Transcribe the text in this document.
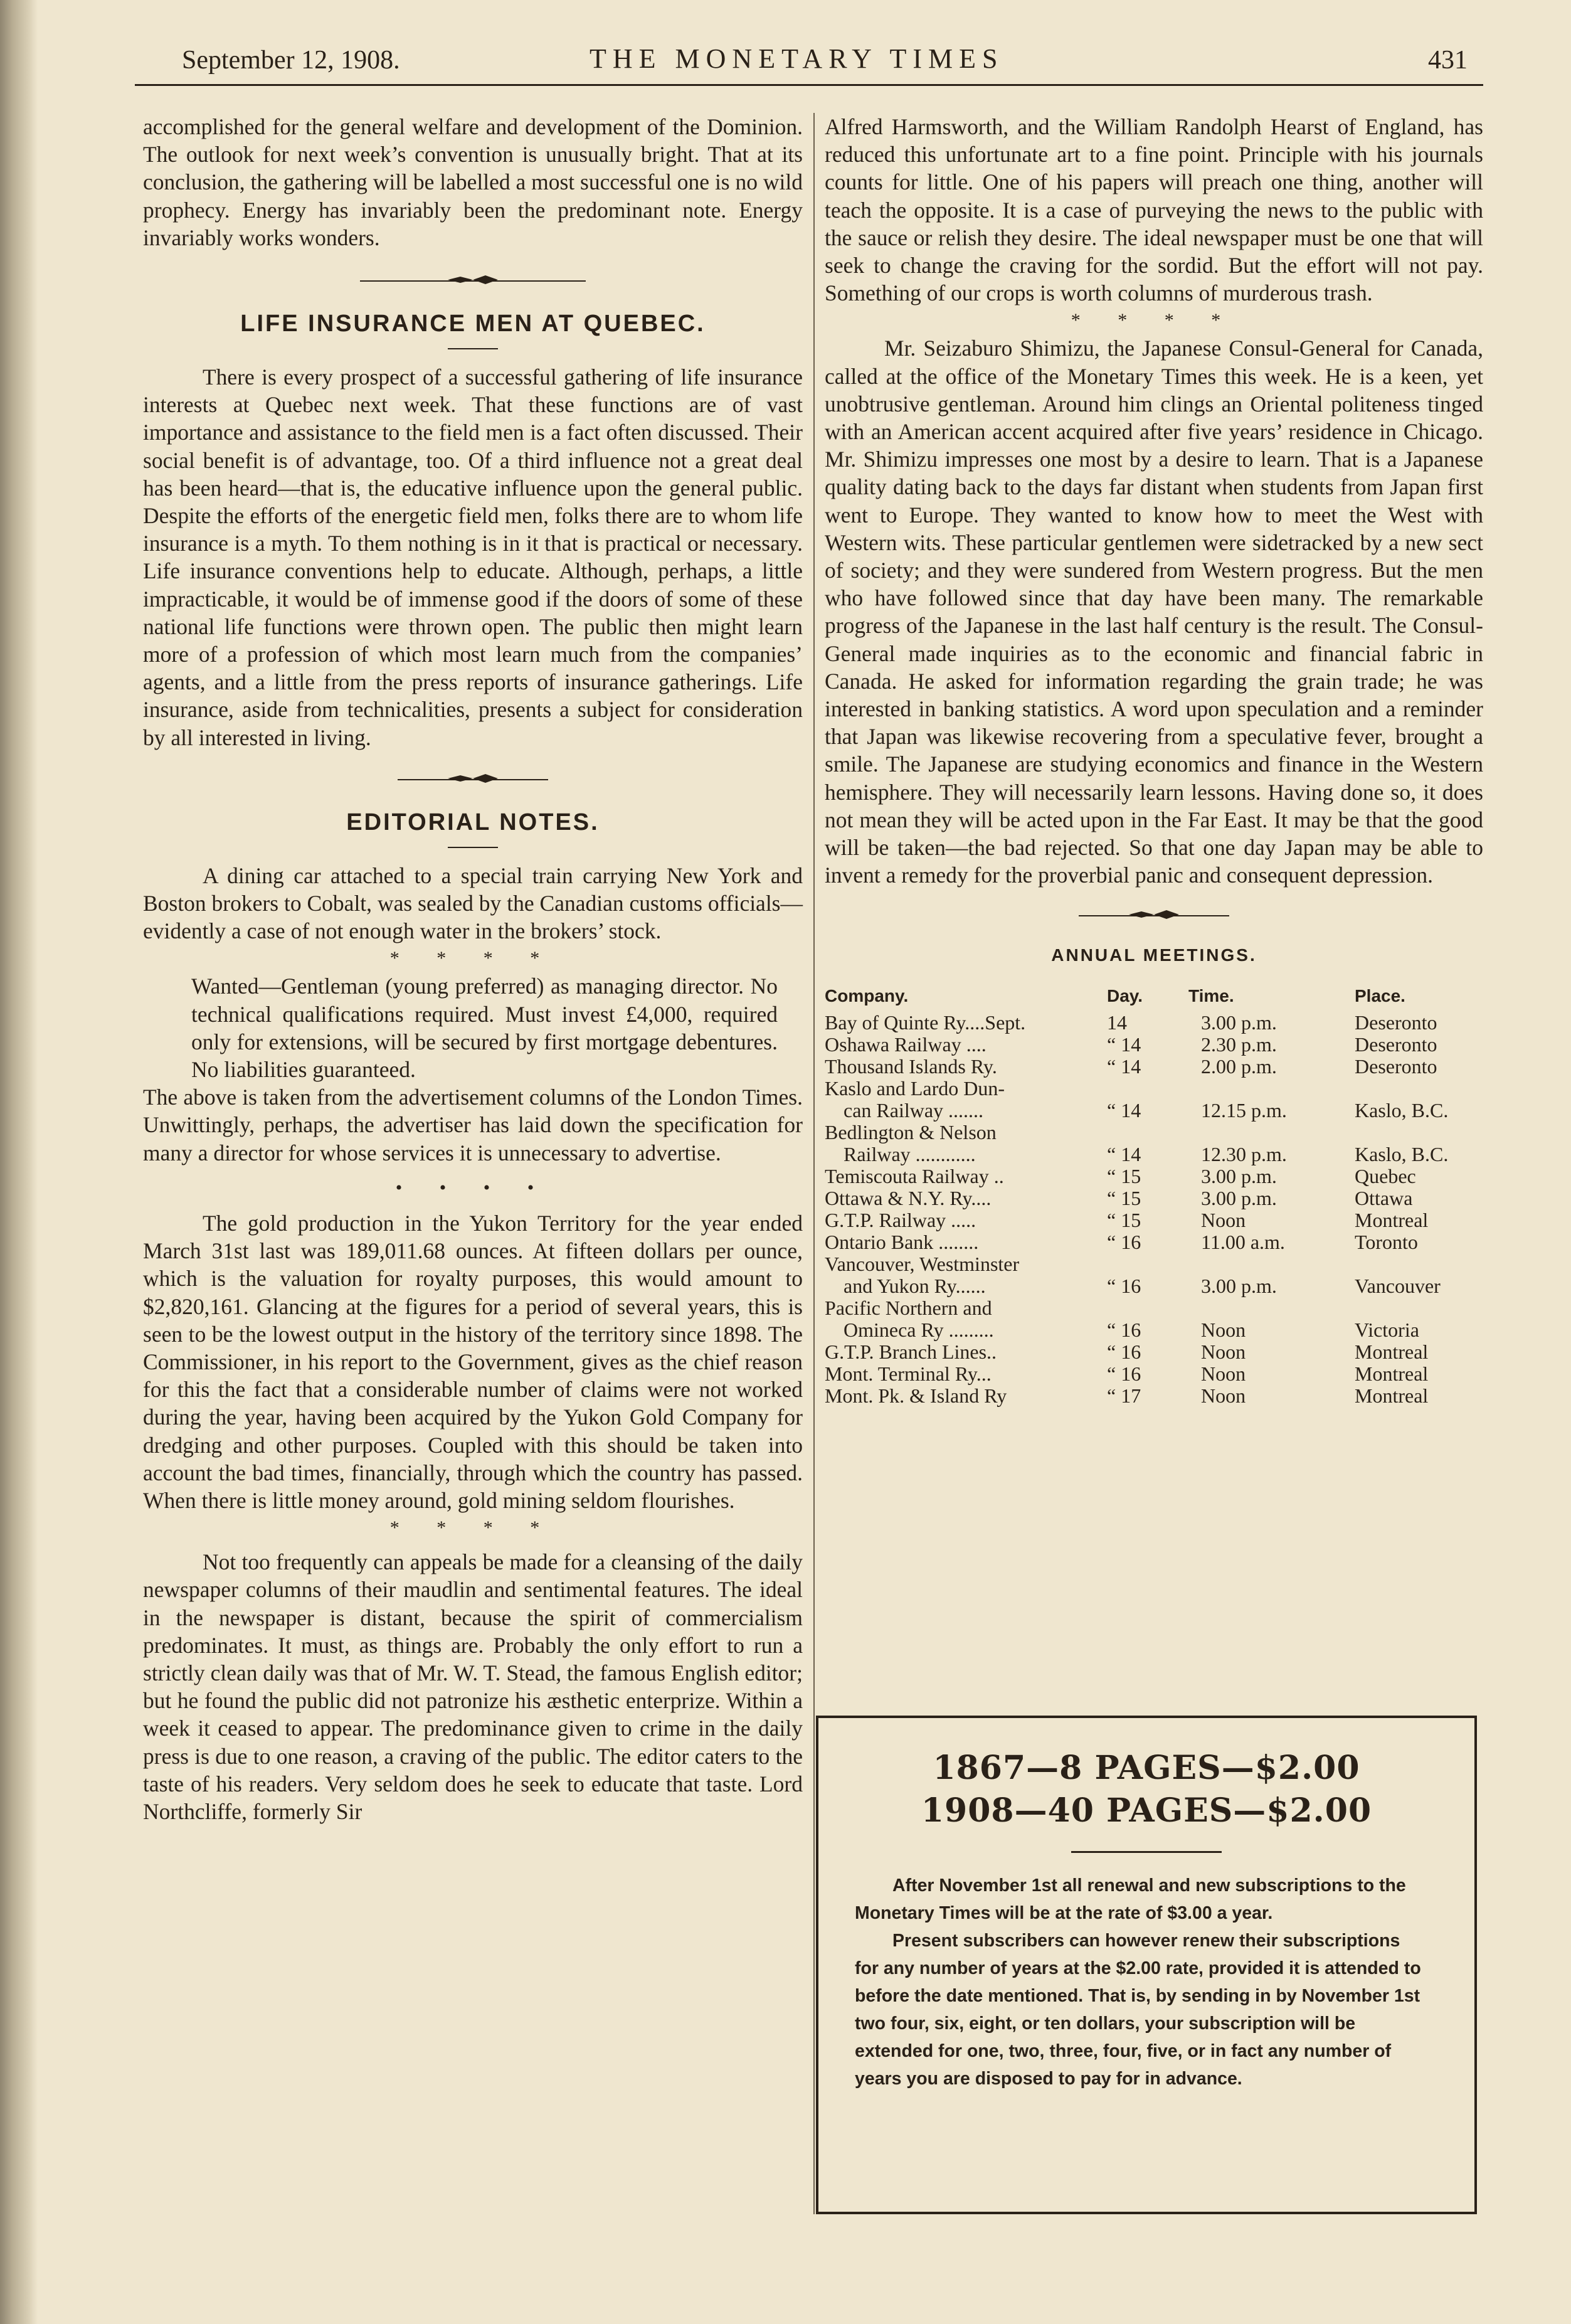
September 12, 1908.	THE MONETARY TIMES	431

accomplished for the general welfare and development of the Dominion. The outlook for next week’s convention is unusually bright. That at its conclusion, the gathering will be labelled a most successful one is no wild prophecy. Energy has invariably been the predominant note. Energy invariably works wonders.

LIFE INSURANCE MEN AT QUEBEC.

There is every prospect of a successful gathering of life insurance interests at Quebec next week. That these functions are of vast importance and assistance to the field men is a fact often discussed. Their social benefit is of advantage, too. Of a third influence not a great deal has been heard—that is, the educative influence upon the general public. Despite the efforts of the energetic field men, folks there are to whom life insurance is a myth. To them nothing is in it that is practical or necessary. Life insurance conventions help to educate. Although, perhaps, a little impracticable, it would be of immense good if the doors of some of these national life functions were thrown open. The public then might learn more of a profession of which most learn much from the companies’ agents, and a little from the press reports of insurance gatherings. Life insurance, aside from technicalities, presents a subject for consideration by all interested in living.

EDITORIAL NOTES.

A dining car attached to a special train carrying New York and Boston brokers to Cobalt, was sealed by the Canadian customs officials—evidently a case of not enough water in the brokers’ stock.

* * * *

Wanted—Gentleman (young preferred) as managing director. No technical qualifications required. Must invest £4,000, required only for extensions, will be secured by first mortgage debentures. No liabilities guaranteed.

The above is taken from the advertisement columns of the London Times. Unwittingly, perhaps, the advertiser has laid down the specification for many a director for whose services it is unnecessary to advertise.

• • • •

The gold production in the Yukon Territory for the year ended March 31st last was 189,011.68 ounces. At fifteen dollars per ounce, which is the valuation for royalty purposes, this would amount to $2,820,161. Glancing at the figures for a period of several years, this is seen to be the lowest output in the history of the territory since 1898. The Commissioner, in his report to the Government, gives as the chief reason for this the fact that a considerable number of claims were not worked during the year, having been acquired by the Yukon Gold Company for dredging and other purposes. Coupled with this should be taken into account the bad times, financially, through which the country has passed. When there is little money around, gold mining seldom flourishes.

* * * *

Not too frequently can appeals be made for a cleansing of the daily newspaper columns of their maudlin and sentimental features. The ideal in the newspaper is distant, because the spirit of commercialism predominates. It must, as things are. Probably the only effort to run a strictly clean daily was that of Mr. W. T. Stead, the famous English editor; but he found the public did not patronize his æsthetic enterprize. Within a week it ceased to appear. The predominance given to crime in the daily press is due to one reason, a craving of the public. The editor caters to the taste of his readers. Very seldom does he seek to educate that taste. Lord Northcliffe, formerly Sir

Alfred Harmsworth, and the William Randolph Hearst of England, has reduced this unfortunate art to a fine point. Principle with his journals counts for little. One of his papers will preach one thing, another will teach the opposite. It is a case of purveying the news to the public with the sauce or relish they desire. The ideal newspaper must be one that will seek to change the craving for the sordid. But the effort will not pay. Something of our crops is worth columns of murderous trash.

* * * *

Mr. Seizaburo Shimizu, the Japanese Consul-General for Canada, called at the office of the Monetary Times this week. He is a keen, yet unobtrusive gentleman. Around him clings an Oriental politeness tinged with an American accent acquired after five years’ residence in Chicago. Mr. Shimizu impresses one most by a desire to learn. That is a Japanese quality dating back to the days far distant when students from Japan first went to Europe. They wanted to know how to meet the West with Western wits. These particular gentlemen were sidetracked by a new sect of society; and they were sundered from Western progress. But the men who have followed since that day have been many. The remarkable progress of the Japanese in the last half century is the result. The Consul-General made inquiries as to the economic and financial fabric in Canada. He asked for information regarding the grain trade; he was interested in banking statistics. A word upon speculation and a reminder that Japan was likewise recovering from a speculative fever, brought a smile. The Japanese are studying economics and finance in the Western hemisphere. They will necessarily learn lessons. Having done so, it does not mean they will be acted upon in the Far East. It may be that the good will be taken—the bad rejected. So that one day Japan may be able to invent a remedy for the proverbial panic and consequent depression.

ANNUAL MEETINGS.
Company.	Day.	Time.	Place.

Bay of Quinte Ry....Sept.	14	3.00 p.m.	Deseronto

Oshawa Railway ....	“ 14	2.30 p.m.	Deseronto

Thousand Islands Ry.	“ 14	2.00 p.m.	Deseronto

Kaslo and Lardo Dun-
can Railway .......	“ 14	12.15 p.m.	Kaslo, B.C.

Bedlington & Nelson
Railway ............	“ 14	12.30 p.m.	Kaslo, B.C.

Temiscouta Railway ..	“ 15	3.00 p.m.	Quebec

Ottawa & N.Y. Ry....	“ 15	3.00 p.m.	Ottawa

G.T.P. Railway .....	“ 15	Noon	Montreal

Ontario Bank ........	“ 16	11.00 a.m.	Toronto

Vancouver, Westminster
and Yukon Ry......	“ 16	3.00 p.m.	Vancouver

Pacific Northern and
Omineca Ry .........	“ 16	Noon	Victoria

G.T.P. Branch Lines..	“ 16	Noon	Montreal

Mont. Terminal Ry...	“ 16	Noon	Montreal

Mont. Pk. & Island Ry	“ 17	Noon	Montreal
1867—8 PAGES—$2.00
1908—40 PAGES—$2.00

After November 1st all renewal and new subscriptions to the Monetary Times will be at the rate of $3.00 a year.

Present subscribers can however renew their subscriptions for any number of years at the $2.00 rate, provided it is attended to before the date mentioned. That is, by sending in by November 1st two four, six, eight, or ten dollars, your subscription will be extended for one, two, three, four, five, or in fact any number of years you are disposed to pay for in advance.
